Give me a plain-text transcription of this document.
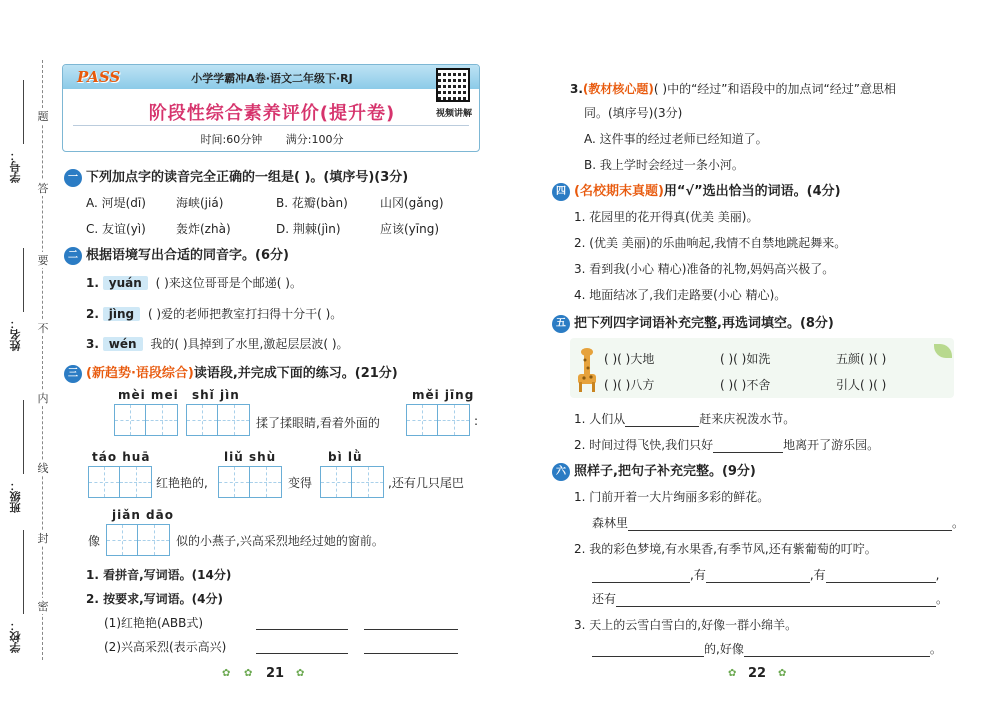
题
答
要
不
内
线
封
密
学号：
姓名：
班级：
学校：
PASS	小学学霸冲A卷·语文二年级下·RJ
阶段性综合素养评价(提升卷)
时间:60分钟 满分:100分
视频讲解
一 下列加点字的读音完全正确的一组是( )。(填序号)(3分)
A. 河堤(dī)	海峡(jiá)	B. 花瓣(bàn)	山冈(gǎng)
C. 友谊(yì)	轰炸(zhà)	D. 荆棘(jìn)	应该(yīng)
二 根据语境写出合适的同音字。(6分)
1. yuán ( )来这位哥哥是个邮递( )。
2. jìng ( )爱的老师把教室打扫得十分干( )。
3. wén 我的( )具掉到了水里,激起层层波( )。
三 (新趋势·语段综合)读语段,并完成下面的练习。(21分)
mèi mei shǐ jìn
揉了揉眼睛,看着外面的
měi jīng
:
táo huā
红艳艳的,
liǔ shù
变得
bì lǜ
,还有几只尾巴
像
jiǎn dāo
似的小燕子,兴高采烈地经过她的窗前。
1. 看拼音,写词语。(14分)
2. 按要求,写词语。(4分)
(1)红艳艳(ABB式)
(2)兴高采烈(表示高兴)
✿ ✿ 21 ✿
3.(教材核心题)( )中的“经过”和语段中的加点词“经过”意思相
同。(填序号)(3分)
A. 这件事的经过老师已经知道了。
B. 我上学时会经过一条小河。
四 (名校期末真题)用“√”选出恰当的词语。(4分)
1. 花园里的花开得真(优美 美丽)。
2. (优美 美丽)的乐曲响起,我情不自禁地跳起舞来。
3. 看到我(小心 精心)准备的礼物,妈妈高兴极了。
4. 地面结冰了,我们走路要(小心 精心)。
五 把下列四字词语补充完整,再选词填空。(8分)
( )( )大地	( )( )如洗	五颜( )( )
( )( )八方	( )( )不舍	引人( )( )
1. 人们从	赶来庆祝泼水节。
2. 时间过得飞快,我们只好	地离开了游乐园。
六 照样子,把句子补充完整。(9分)
1. 门前开着一大片绚丽多彩的鲜花。
森林里	。
2. 我的彩色梦境,有水果香,有季节风,还有紫葡萄的叮咛。
,有	,有	,
还有	。
3. 天上的云雪白雪白的,好像一群小绵羊。
的,好像	。
✿ 22 ✿
